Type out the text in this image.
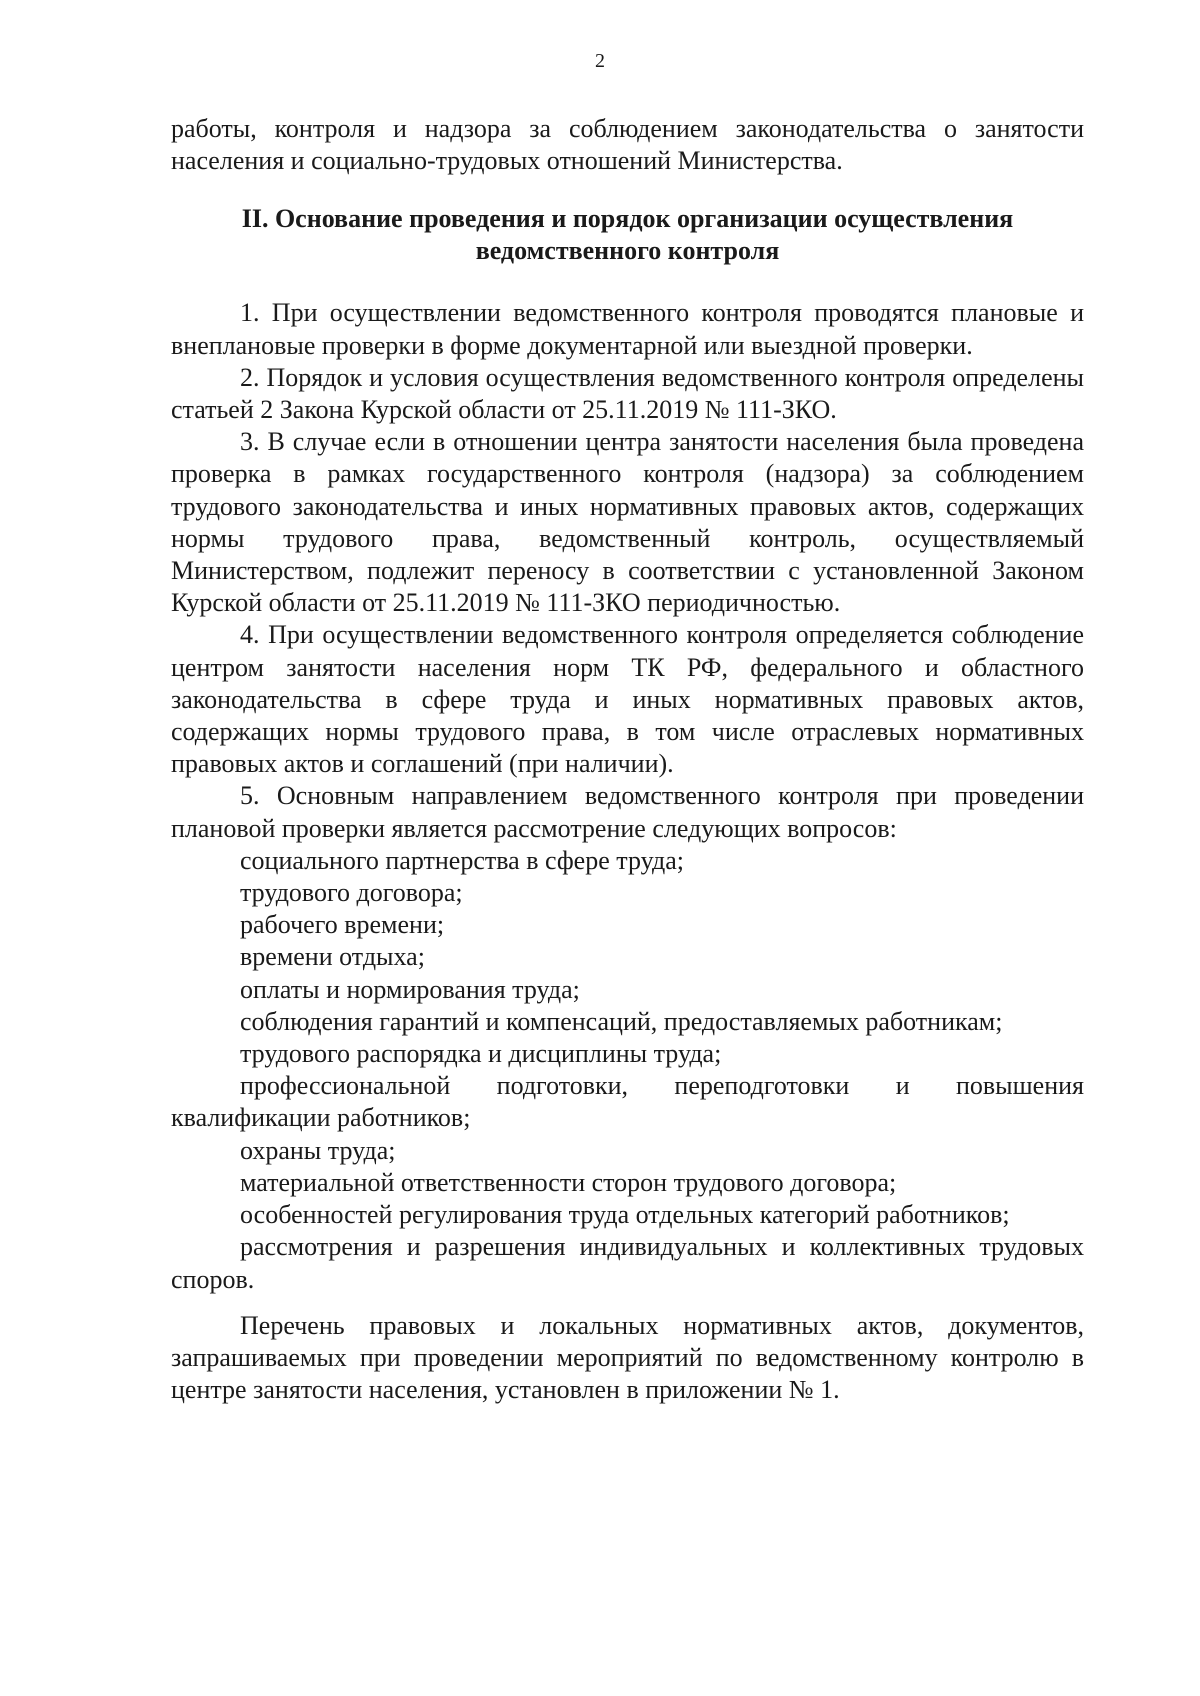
2

работы, контроля и надзора за соблюдением законодательства о занятости населения и социально-трудовых отношений Министерства.

II. Основание проведения и порядок организации осуществления
ведомственного контроля

1. При осуществлении ведомственного контроля проводятся плановые и внеплановые проверки в форме документарной или выездной проверки.

2. Порядок и условия осуществления ведомственного контроля определены статьей 2 Закона Курской области от 25.11.2019 № 111-ЗКО.

3. В случае если в отношении центра занятости населения была проведена проверка в рамках государственного контроля (надзора) за соблюдением трудового законодательства и иных нормативных правовых актов, содержащих нормы трудового права, ведомственный контроль, осуществляемый Министерством, подлежит переносу в соответствии с установленной Законом Курской области от 25.11.2019 № 111-ЗКО периодичностью.

4. При осуществлении ведомственного контроля определяется соблюдение центром занятости населения норм ТК РФ, федерального и областного законодательства в сфере труда и иных нормативных правовых актов, содержащих нормы трудового права, в том числе отраслевых нормативных правовых актов и соглашений (при наличии).

5. Основным направлением ведомственного контроля при проведении плановой проверки является рассмотрение следующих вопросов:

социального партнерства в сфере труда;

трудового договора;

рабочего времени;

времени отдыха;

оплаты и нормирования труда;

соблюдения гарантий и компенсаций, предоставляемых работникам;

трудового распорядка и дисциплины труда;

профессиональной подготовки, переподготовки и повышения квалификации работников;

охраны труда;

материальной ответственности сторон трудового договора;

особенностей регулирования труда отдельных категорий работников;

рассмотрения и разрешения индивидуальных и коллективных трудовых споров.

Перечень правовых и локальных нормативных актов, документов, запрашиваемых при проведении мероприятий по ведомственному контролю в центре занятости населения, установлен в приложении № 1.
